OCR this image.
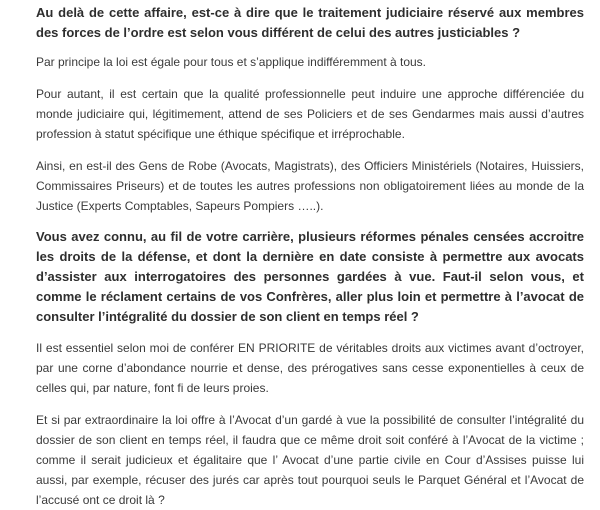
Au delà de cette affaire, est-ce à dire que le traitement judiciaire réservé aux membres des forces de l’ordre est selon vous différent de celui des autres justiciables ?

Par principe la loi est égale pour tous et s’applique indifféremment à tous.

Pour autant, il est certain que la qualité professionnelle peut induire une approche différenciée du monde judiciaire qui, légitimement, attend de ses Policiers et de ses Gendarmes mais aussi d’autres profession à statut spécifique une éthique spécifique et irréprochable.

Ainsi, en est-il des Gens de Robe (Avocats, Magistrats), des Officiers Ministériels (Notaires, Huissiers, Commissaires Priseurs) et de toutes les autres professions non obligatoirement liées au monde de la Justice (Experts Comptables, Sapeurs Pompiers …..).

Vous avez connu, au fil de votre carrière, plusieurs réformes pénales censées accroitre les droits de la défense, et dont la dernière en date consiste à permettre aux avocats d’assister aux interrogatoires des personnes gardées à vue. Faut-il selon vous, et comme le réclament certains de vos Confrères, aller plus loin et permettre à l’avocat de consulter l’intégralité du dossier de son client en temps réel ?

Il est essentiel selon moi de conférer EN PRIORITE de véritables droits aux victimes avant d’octroyer, par une corne d’abondance nourrie et dense, des prérogatives sans cesse exponentielles à ceux de celles qui, par nature, font fi de leurs proies.

Et si par extraordinaire la loi offre à l’Avocat d’un gardé à vue la possibilité de consulter l’intégralité du dossier de son client en temps réel, il faudra que ce même droit soit conféré à l’Avocat de la victime ; comme il serait judicieux et égalitaire que l’ Avocat d’une partie civile en Cour d’Assises puisse lui aussi, par exemple, récuser des jurés car après tout pourquoi seuls le Parquet Général et l’Avocat de l’accusé ont ce droit là ?
